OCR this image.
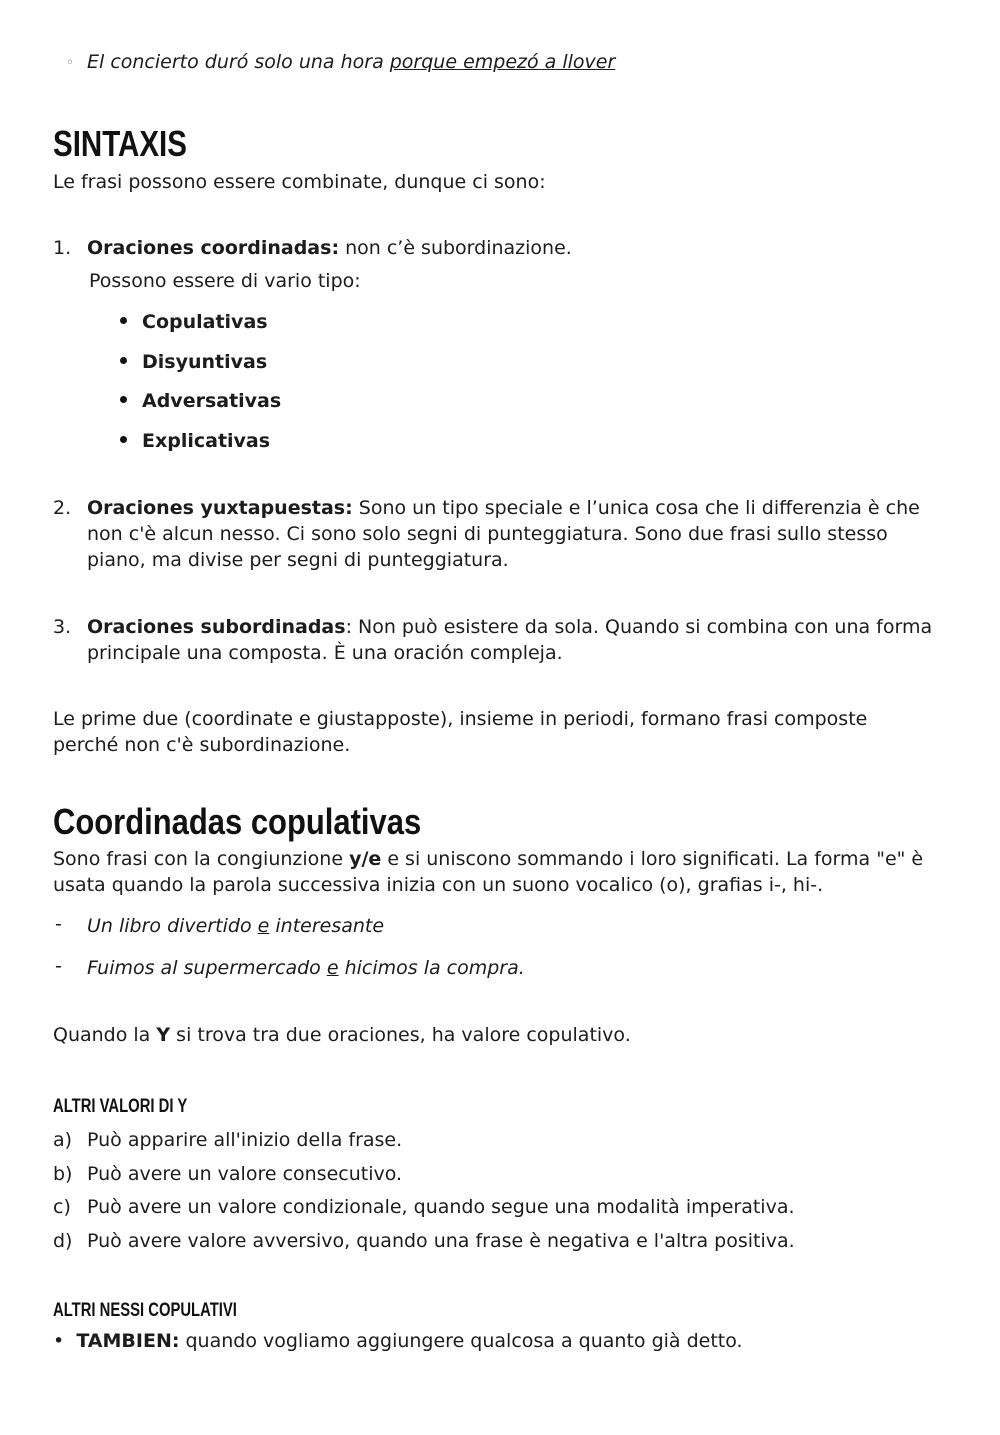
◦ El concierto duró solo una hora porque empezó a llover
SINTAXIS
Le frasi possono essere combinate, dunque ci sono:
1. Oraciones coordinadas: non c’è subordinazione.
Possono essere di vario tipo:
Copulativas
Disyuntivas
Adversativas
Explicativas
2. Oraciones yuxtapuestas: Sono un tipo speciale e l’unica cosa che li differenzia è che
non c'è alcun nesso. Ci sono solo segni di punteggiatura. Sono due frasi sullo stesso
piano, ma divise per segni di punteggiatura.
3. Oraciones subordinadas: Non può esistere da sola. Quando si combina con una forma
principale una composta. È una oración compleja.
Le prime due (coordinate e giustapposte), insieme in periodi, formano frasi composte
perché non c'è subordinazione.
Coordinadas copulativas
Sono frasi con la congiunzione y/e e si uniscono sommando i loro significati. La forma "e" è
usata quando la parola successiva inizia con un suono vocalico (o), grafias i-, hi-.
- Un libro divertido e interesante
- Fuimos al supermercado e hicimos la compra.
Quando la Y si trova tra due oraciones, ha valore copulativo.
ALTRI VALORI DI Y
a) Può apparire all'inizio della frase.
b) Può avere un valore consecutivo.
c) Può avere un valore condizionale, quando segue una modalità imperativa.
d) Può avere valore avversivo, quando una frase è negativa e l'altra positiva.
ALTRI NESSI COPULATIVI
• TAMBIEN: quando vogliamo aggiungere qualcosa a quanto già detto.
